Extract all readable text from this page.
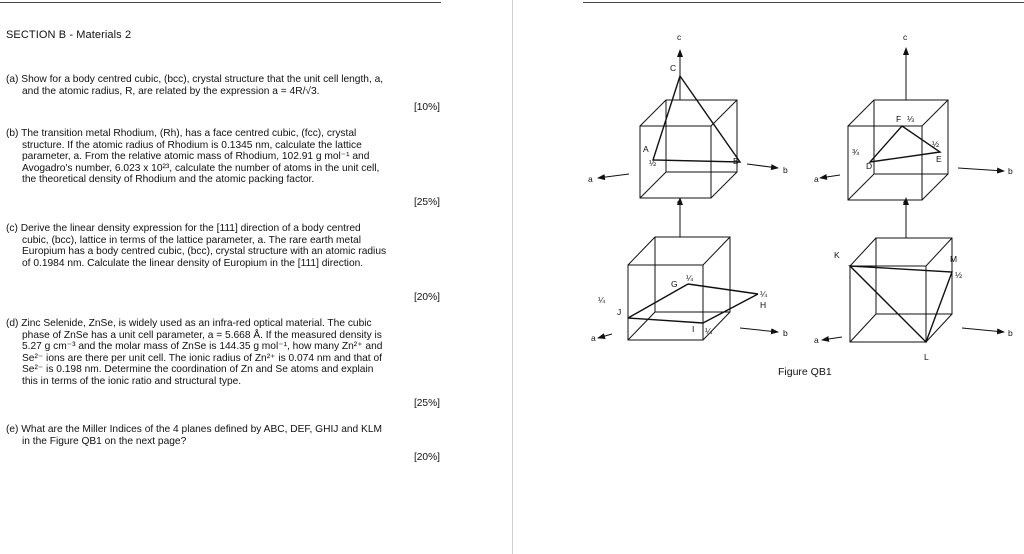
SECTION B - Materials 2
(a) Show for a body centred cubic, (bcc), crystal structure that the unit cell length, a,
and the atomic radius, R, are related by the expression a = 4R/√3.
[10%]
(b) The transition metal Rhodium, (Rh), has a face centred cubic, (fcc), crystal
structure. If the atomic radius of Rhodium is 0.1345 nm, calculate the lattice
parameter, a. From the relative atomic mass of Rhodium, 102.91 g mol⁻¹ and
Avogadro's number, 6.023 x 10²³, calculate the number of atoms in the unit cell,
the theoretical density of Rhodium and the atomic packing factor.
[25%]
(c) Derive the linear density expression for the [111] direction of a body centred
cubic, (bcc), lattice in terms of the lattice parameter, a. The rare earth metal
Europium has a body centred cubic, (bcc), crystal structure with an atomic radius
of 0.1984 nm. Calculate the linear density of Europium in the [111] direction.
[20%]
(d) Zinc Selenide, ZnSe, is widely used as an infra-red optical material. The cubic
phase of ZnSe has a unit cell parameter, a = 5.668 Å. If the measured density is
5.27 g cm⁻³ and the molar mass of ZnSe is 144.35 g mol⁻¹, how many Zn²⁺ and
Se²⁻ ions are there per unit cell. The ionic radius of Zn²⁺ is 0.074 nm and that of
Se²⁻ is 0.198 nm. Determine the coordination of Zn and Se atoms and explain
this in terms of the ionic ratio and structural type.
[25%]
(e) What are the Miller Indices of the 4 planes defined by ABC, DEF, GHIJ and KLM
in the Figure QB1 on the next page?
[20%]
c
a
b
C
A
B
½
c
a
b
F ⅓
½
¾
D
E
c
a	b
G
¼
¼
J
¼
H
I ¼
c
a
b
K	M
½
L
Figure QB1
